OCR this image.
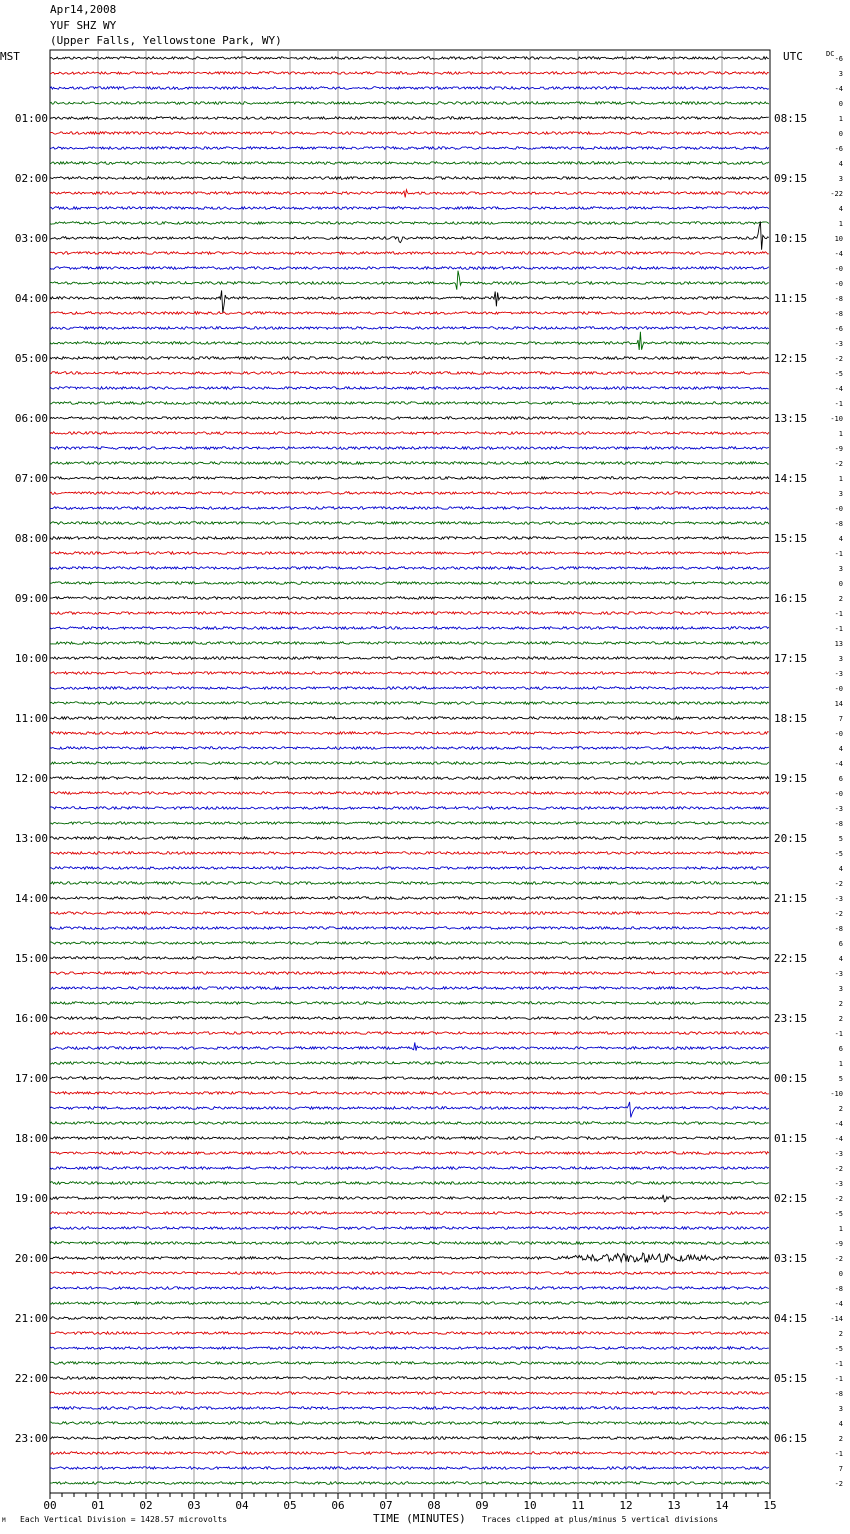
Apr14,2008
YUF SHZ WY
(Upper Falls, Yellowstone Park, WY)
MST	UTC
00	01	02	03	04	05	06	07	08	09	10	11	12	13	14	15
-6
3
-4
0
1
0
-6
4
3
-22
4
1
10
-4
-0
-0
-8
-8
-6
-3
-2
-5
-4
-1
-10
1
-9
-2
1
3
-0
-8
4
-1
3
0
2
-1
-1
13
3
-3
-0
14
7
-0
4
-4
6
-0
-3
-8
5
-5
4
-2
-3
-2
-8
6
4
-3
3
2
2
-1
6
1
5
-10
2
-4
-4
-3
-2
-3
-2
-5
1
-9
-2
0
-8
-4
-14
2
-5
-1
-1
-8
3
4
2
-1
7
-2
DC
01:00
02:00
03:00
04:00
05:00
06:00
07:00
08:00
09:00
10:00
11:00
12:00
13:00
14:00
15:00
16:00
17:00
18:00
19:00
20:00
21:00
22:00
23:00
08:15
09:15
10:15
11:15
12:15
13:15
14:15
15:15
16:15
17:15
18:15
19:15
20:15
21:15
22:15
23:15
00:15
01:15
02:15
03:15
04:15
05:15
06:15
M Each Vertical Division = 1428.57 microvolts	TIME (MINUTES) Traces clipped at plus/minus 5 vertical divisions
